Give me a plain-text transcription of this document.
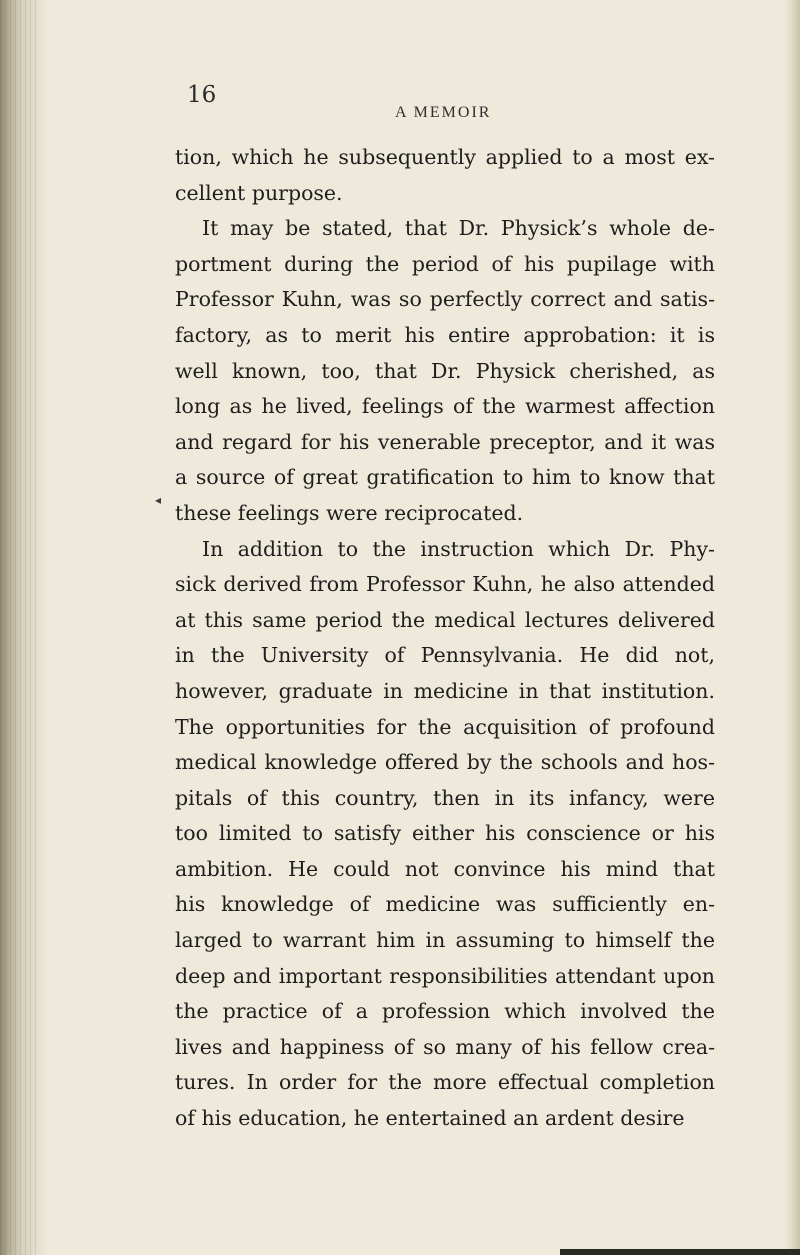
16

A MEMOIR

◂
tion, which he subsequently applied to a most ex-
cellent purpose.
It may be stated, that Dr. Physick’s whole de-
portment during the period of his pupilage with
Professor Kuhn, was so perfectly correct and satis-
factory, as to merit his entire approbation: it is
well known, too, that Dr. Physick cherished, as
long as he lived, feelings of the warmest affection
and regard for his venerable preceptor, and it was
a source of great gratification to him to know that
these feelings were reciprocated.
In addition to the instruction which Dr. Phy-
sick derived from Professor Kuhn, he also attended
at this same period the medical lectures delivered
in the University of Pennsylvania. He did not,
however, graduate in medicine in that institution.
The opportunities for the acquisition of profound
medical knowledge offered by the schools and hos-
pitals of this country, then in its infancy, were
too limited to satisfy either his conscience or his
ambition. He could not convince his mind that
his knowledge of medicine was sufficiently en-
larged to warrant him in assuming to himself the
deep and important responsibilities attendant upon
the practice of a profession which involved the
lives and happiness of so many of his fellow crea-
tures. In order for the more effectual completion
of his education, he entertained an ardent desire
